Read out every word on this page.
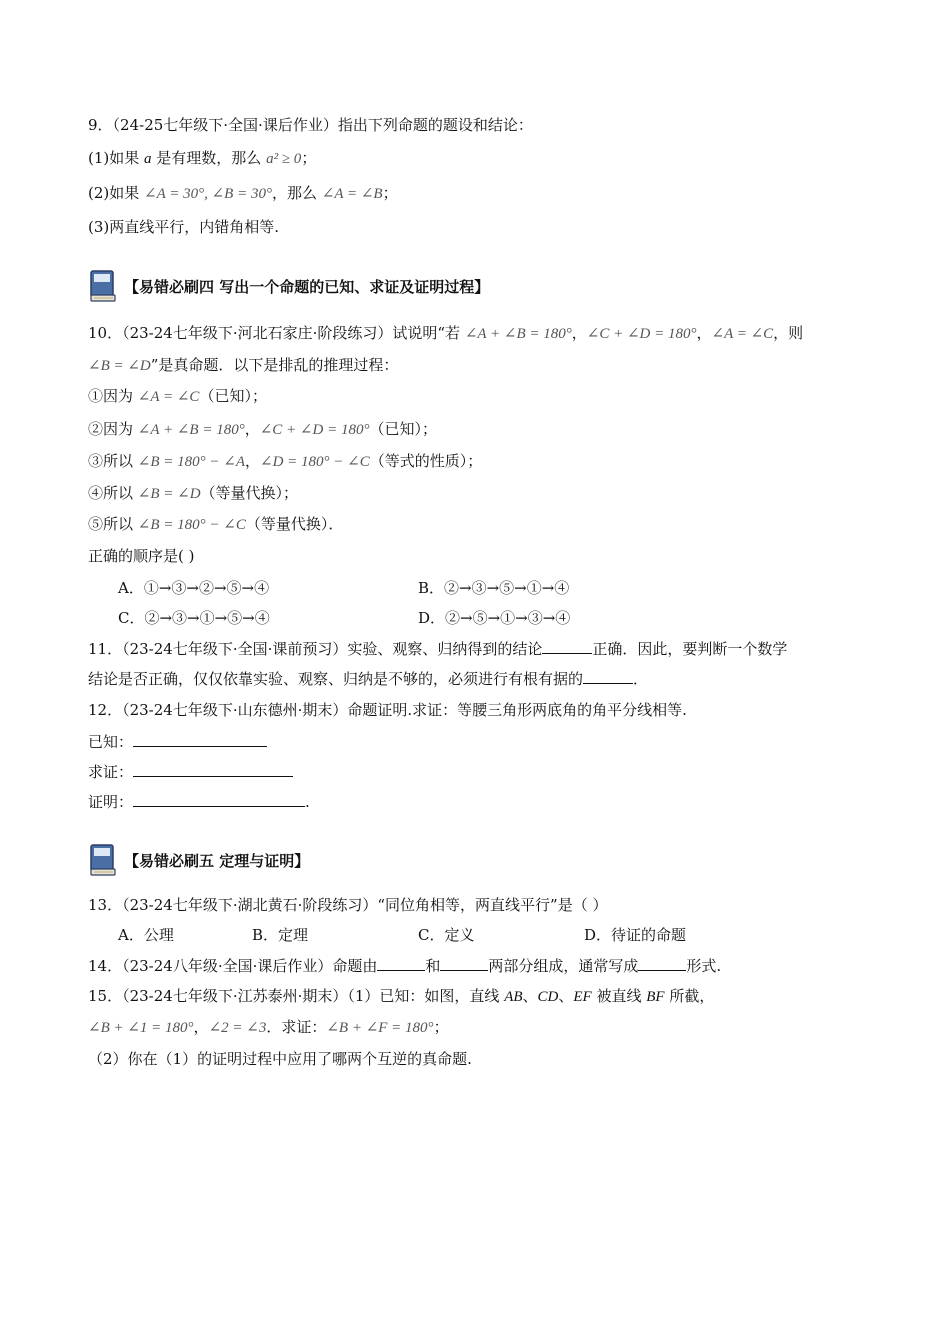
9．（24-25七年级下·全国·课后作业）指出下列命题的题设和结论：
(1)如果 a 是有理数，那么 a² ≥ 0；
(2)如果 ∠A = 30°, ∠B = 30°，那么 ∠A = ∠B；
(3)两直线平行，内错角相等.
【易错必刷四 写出一个命题的已知、求证及证明过程】
10．（23-24七年级下·河北石家庄·阶段练习）试说明“若 ∠A + ∠B = 180°，∠C + ∠D = 180°，∠A = ∠C，则
∠B = ∠D”是真命题．以下是排乱的推理过程：
①因为 ∠A = ∠C（已知）；
②因为 ∠A + ∠B = 180°，∠C + ∠D = 180°（已知）；
③所以 ∠B = 180° − ∠A，∠D = 180° − ∠C（等式的性质）；
④所以 ∠B = ∠D（等量代换）；
⑤所以 ∠B = 180° − ∠C（等量代换）．
正确的顺序是( )
A．①→③→②→⑤→④	B．②→③→⑤→①→④
C．②→③→①→⑤→④	D．②→⑤→①→③→④
11．（23-24七年级下·全国·课前预习）实验、观察、归纳得到的结论	正确．因此，要判断一个数学
结论是否正确，仅仅依靠实验、观察、归纳是不够的，必须进行有根有据的	．
12．（23-24七年级下·山东德州·期末）命题证明.求证：等腰三角形两底角的角平分线相等.
已知：
求证：
证明：	.
【易错必刷五 定理与证明】
13．（23-24七年级下·湖北黄石·阶段练习）“同位角相等，两直线平行”是（ ）
A．公理	B．定理	C．定义	D．待证的命题
14．（23-24八年级·全国·课后作业）命题由	和	两部分组成，通常写成	形式.
15．（23-24七年级下·江苏泰州·期末）（1）已知：如图，直线 AB、CD、EF 被直线 BF 所截，
∠B + ∠1 = 180°，∠2 = ∠3．求证：∠B + ∠F = 180°；
（2）你在（1）的证明过程中应用了哪两个互逆的真命题.
